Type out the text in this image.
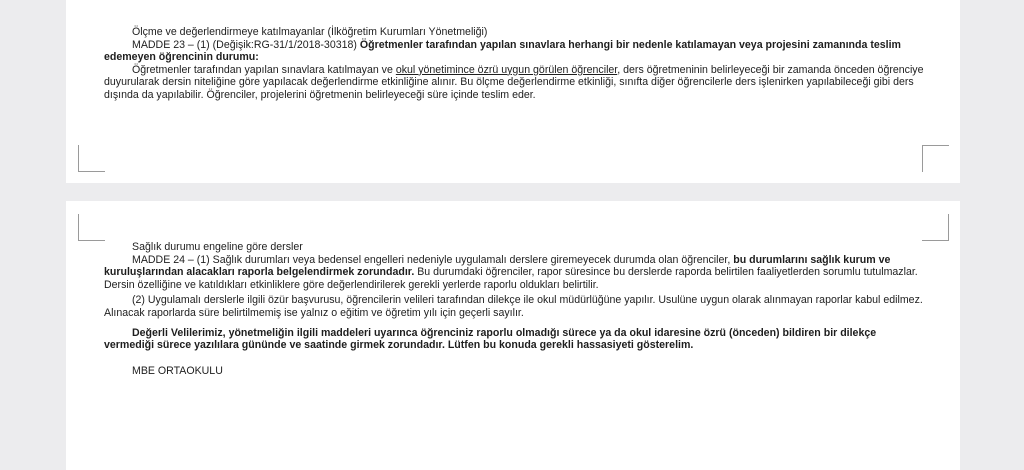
Ölçme ve değerlendirmeye katılmayanlar (İlköğretim Kurumları Yönetmeliği)

MADDE 23 – (1) (Değişik:RG-31/1/2018-30318) Öğretmenler tarafından yapılan sınavlara herhangi bir nedenle katılamayan veya projesini zamanında teslim edemeyen öğrencinin durumu:

Öğretmenler tarafından yapılan sınavlara katılmayan ve okul yönetimince özrü uygun görülen öğrenciler, ders öğretmeninin belirleyeceği bir zamanda önceden öğrenciye duyurularak dersin niteliğine göre yapılacak değerlendirme etkinliğine alınır. Bu ölçme değerlendirme etkinliği, sınıfta diğer öğrencilerle ders işlenirken yapılabileceği gibi ders dışında da yapılabilir. Öğrenciler, projelerini öğretmenin belirleyeceği süre içinde teslim eder.

Sağlık durumu engeline göre dersler

MADDE 24 – (1) Sağlık durumları veya bedensel engelleri nedeniyle uygulamalı derslere giremeyecek durumda olan öğrenciler, bu durumlarını sağlık kurum ve kuruluşlarından alacakları raporla belgelendirmek zorundadır. Bu durumdaki öğrenciler, rapor süresince bu derslerde raporda belirtilen faaliyetlerden sorumlu tutulmazlar. Dersin özelliğine ve katıldıkları etkinliklere göre değerlendirilerek gerekli yerlerde raporlu oldukları belirtilir.

(2) Uygulamalı derslerle ilgili özür başvurusu, öğrencilerin velileri tarafından dilekçe ile okul müdürlüğüne yapılır. Usulüne uygun olarak alınmayan raporlar kabul edilmez. Alınacak raporlarda süre belirtilmemiş ise yalnız o eğitim ve öğretim yılı için geçerli sayılır.

Değerli Velilerimiz, yönetmeliğin ilgili maddeleri uyarınca öğrenciniz raporlu olmadığı sürece ya da okul idaresine özrü (önceden) bildiren bir dilekçe vermediği sürece yazılılara gününde ve saatinde girmek zorundadır. Lütfen bu konuda gerekli hassasiyeti gösterelim.

MBE ORTAOKULU
